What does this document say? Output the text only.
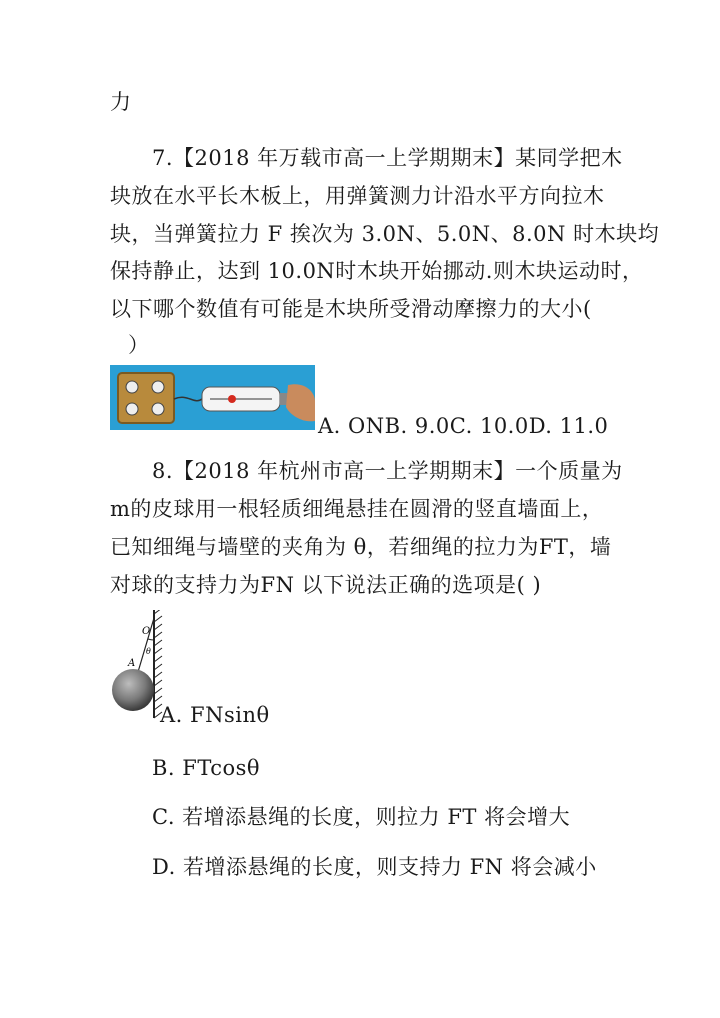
力
7.【2018 年万载市高一上学期期末】某同学把木
块放在水平长木板上，用弹簧测力计沿水平方向拉木
块，当弹簧拉力 F 挨次为 3.0N、5.0N、8.0N 时木块均
保持静止，达到 10.0N时木块开始挪动.则木块运动时，
以下哪个数值有可能是木块所受滑动摩擦力的大小(
）
A. ONB. 9.0C. 10.0D. 11.0
8.【2018 年杭州市高一上学期期末】一个质量为
m的皮球用一根轻质细绳悬挂在圆滑的竖直墙面上，
已知细绳与墙壁的夹角为 θ，若细绳的拉力为FT，墙
对球的支持力为FN 以下说法正确的选项是( )
O
θ
A
A. FNsinθ
B. FTcosθ
C. 若增添悬绳的长度，则拉力 FT 将会增大
D. 若增添悬绳的长度，则支持力 FN 将会减小
